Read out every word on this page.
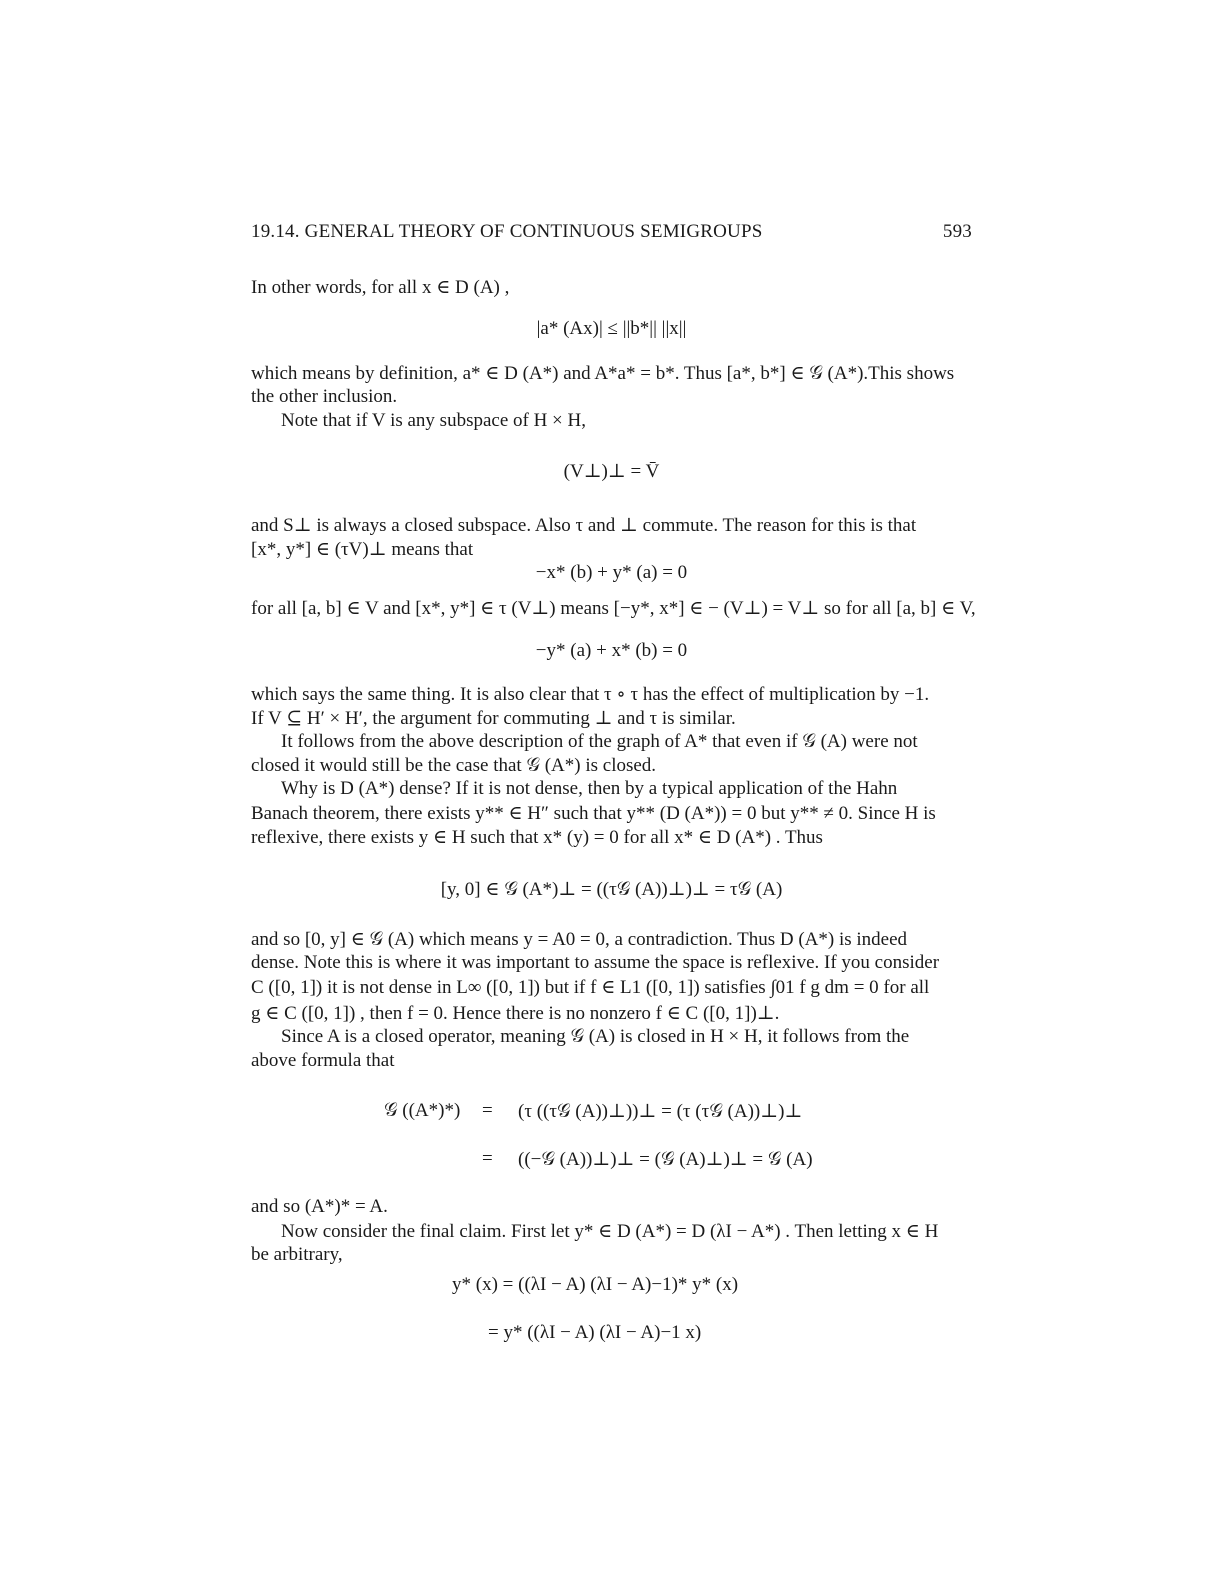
19.14. GENERAL THEORY OF CONTINUOUS SEMIGROUPS	593
In other words, for all x ∈ D (A) ,
|a* (Ax)| ≤ ||b*|| ||x||
which means by definition, a* ∈ D (A*) and A*a* = b*. Thus [a*, b*] ∈ 𝒢 (A*).This shows
the other inclusion.
Note that if V is any subspace of H × H,
(V⊥)⊥ = V̄
and S⊥ is always a closed subspace. Also τ and ⊥ commute. The reason for this is that
[x*, y*] ∈ (τV)⊥ means that
−x* (b) + y* (a) = 0
for all [a, b] ∈ V and [x*, y*] ∈ τ (V⊥) means [−y*, x*] ∈ − (V⊥) = V⊥ so for all [a, b] ∈ V,
−y* (a) + x* (b) = 0
which says the same thing. It is also clear that τ ∘ τ has the effect of multiplication by −1.
If V ⊆ H′ × H′, the argument for commuting ⊥ and τ is similar.
It follows from the above description of the graph of A* that even if 𝒢 (A) were not
closed it would still be the case that 𝒢 (A*) is closed.
Why is D (A*) dense? If it is not dense, then by a typical application of the Hahn
Banach theorem, there exists y** ∈ H″ such that y** (D (A*)) = 0 but y** ≠ 0. Since H is
reflexive, there exists y ∈ H such that x* (y) = 0 for all x* ∈ D (A*) . Thus
[y, 0] ∈ 𝒢 (A*)⊥ = ((τ𝒢 (A))⊥)⊥ = τ𝒢 (A)
and so [0, y] ∈ 𝒢 (A) which means y = A0 = 0, a contradiction. Thus D (A*) is indeed
dense. Note this is where it was important to assume the space is reflexive. If you consider
C ([0, 1]) it is not dense in L∞ ([0, 1]) but if f ∈ L1 ([0, 1]) satisfies ∫01 f g dm = 0 for all
g ∈ C ([0, 1]) , then f = 0. Hence there is no nonzero f ∈ C ([0, 1])⊥.
Since A is a closed operator, meaning 𝒢 (A) is closed in H × H, it follows from the
above formula that
𝒢 ((A*)*) = (τ ((τ𝒢 (A))⊥))⊥ = (τ (τ𝒢 (A))⊥)⊥
= ((−𝒢 (A))⊥)⊥ = (𝒢 (A)⊥)⊥ = 𝒢 (A)
and so (A*)* = A.
Now consider the final claim. First let y* ∈ D (A*) = D (λI − A*) . Then letting x ∈ H
be arbitrary,
y* (x) = ((λI − A) (λI − A)−1)* y* (x)
= y* ((λI − A) (λI − A)−1 x)
